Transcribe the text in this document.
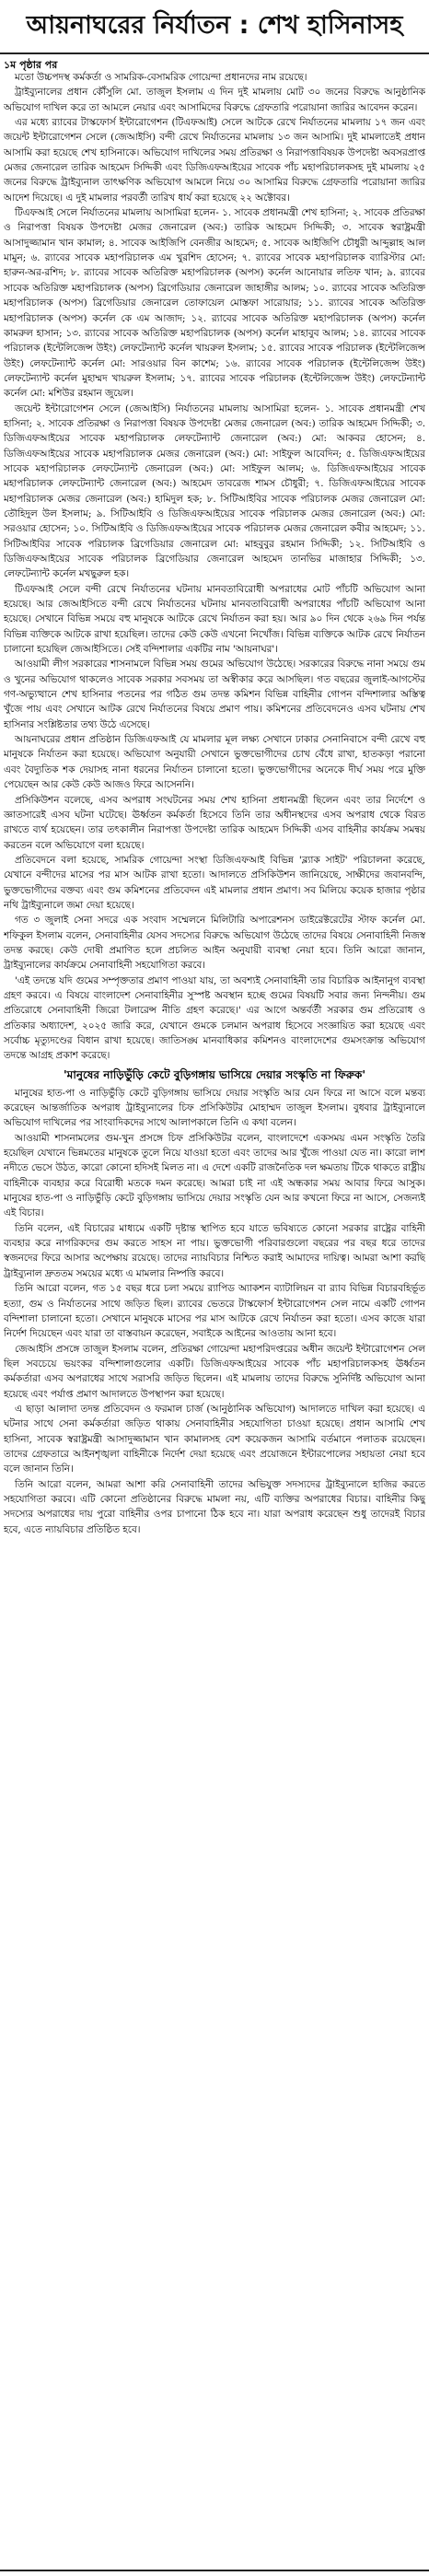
আয়নাঘরের নির্যাতন : শেখ হাসিনাসহ
১ম পৃষ্ঠার পর

মতো উচ্চপদস্থ কর্মকর্তা ও সামরিক-বেসামরিক গোয়েন্দা প্রধানদের নাম রয়েছে।

ট্রাইব্যুনালের প্রধান কৌঁসুলি মো. তাজুল ইসলাম এ দিন দুই মামলায় মোট ৩০ জনের বিরুদ্ধে আনুষ্ঠানিক অভিযোগ দাখিল করে তা আমলে নেয়ার এবং আসামিদের বিরুদ্ধে গ্রেফতারি পরোয়ানা জারির আবেদন করেন।

এর মধ্যে র‍্যাবের টাস্কফোর্স ইন্টারোগেশন (টিএফআই) সেলে আটকে রেখে নির্যাতনের মামলায় ১৭ জন এবং জয়েন্ট ইন্টারোগেশন সেলে (জেআইসি) বন্দী রেখে নির্যাতনের মামলায় ১৩ জন আসামি। দুই মামলাতেই প্রধান আসামি করা হয়েছে শেখ হাসিনাকে। অভিযোগ দাখিলের সময় প্রতিরক্ষা ও নিরাপত্তাবিষয়ক উপদেষ্টা অবসরপ্রাপ্ত মেজর জেনারেল তারিক আহমেদ সিদ্দিকী এবং ডিজিএফআইয়ের সাবেক পাঁচ মহাপরিচালকসহ দুই মামলায় ২৫ জনের বিরুদ্ধে ট্রাইব্যুনাল তাৎক্ষণিক অভিযোগ আমলে নিয়ে ৩০ আসামির বিরুদ্ধে গ্রেফতারি পরোয়ানা জারির আদেশ দিয়েছে। এ দুই মামলার পরবর্তী তারিখ ধার্য করা হয়েছে ২২ অক্টোবর।

টিএফআই সেলে নির্যাতনের মামলায় আসামিরা হলেন- ১. সাবেক প্রধানমন্ত্রী শেখ হাসিনা; ২. সাবেক প্রতিরক্ষা ও নিরাপত্তা বিষয়ক উপদেষ্টা মেজর জেনারেল (অব:) তারিক আহমেদ সিদ্দিকী; ৩. সাবেক স্বরাষ্ট্রমন্ত্রী আসাদুজ্জামান খান কামাল; ৪. সাবেক আইজিপি বেনজীর আহমেদ; ৫. সাবেক আইজিপি চৌধুরী আব্দুল্লাহ আল মামুন; ৬. র‍্যাবের সাবেক মহাপরিচালক এম খুরশিদ হোসেন; ৭. র‍্যাবের সাবেক মহাপরিচালক ব্যারিস্টার মো: হারুন-অর-রশিদ; ৮. র‍্যাবের সাবেক অতিরিক্ত মহাপরিচালক (অপস) কর্নেল আনোয়ার লতিফ খান; ৯. র‍্যাবের সাবেক অতিরিক্ত মহাপরিচালক (অপস) ব্রিগেডিয়ার জেনারেল জাহাঙ্গীর আলম; ১০. র‍্যাবের সাবেক অতিরিক্ত মহাপরিচালক (অপস) ব্রিগেডিয়ার জেনারেল তোফায়েল মোস্তফা সারোয়ার; ১১. র‍্যাবের সাবেক অতিরিক্ত মহাপরিচালক (অপস) কর্নেল কে এম আজাদ; ১২. র‍্যাবের সাবেক অতিরিক্ত মহাপরিচালক (অপস) কর্নেল কামরুল হাসান; ১৩. র‍্যাবের সাবেক অতিরিক্ত মহাপরিচালক (অপস) কর্নেল মাহাবুব আলম; ১৪. র‍্যাবের সাবেক পরিচালক (ইন্টেলিজেন্স উইং) লেফটেন্যান্ট কর্নেল খায়রুল ইসলাম; ১৫. র‍্যাবের সাবেক পরিচালক (ইন্টেলিজেন্স উইং) লেফটেন্যান্ট কর্নেল মো: সারওয়ার বিন কাশেম; ১৬. র‍্যাবের সাবেক পরিচালক (ইন্টেলিজেন্স উইং) লেফটেন্যান্ট কর্নেল মুহাম্মদ খায়রুল ইসলাম; ১৭. র‍্যাবের সাবেক পরিচালক (ইন্টেলিজেন্স উইং) লেফটেন্যান্ট কর্নেল মো: মশিউর রহমান জুয়েল।

জয়েন্ট ইন্টারোগেশন সেলে (জেআইসি) নির্যাতনের মামলায় আসামিরা হলেন- ১. সাবেক প্রধানমন্ত্রী শেখ হাসিনা; ২. সাবেক প্রতিরক্ষা ও নিরাপত্তা বিষয়ক উপদেষ্টা মেজর জেনারেল (অব:) তারিক আহমেদ সিদ্দিকী; ৩. ডিজিএফআইয়ের সাবেক মহাপরিচালক লেফটেন্যান্ট জেনারেল (অব:) মো: আকবর হোসেন; ৪. ডিজিএফআইয়ের সাবেক মহাপরিচালক মেজর জেনারেল (অব:) মো: সাইফুল আবেদিন; ৫. ডিজিএফআইয়ের সাবেক মহাপরিচালক লেফটেন্যান্ট জেনারেল (অব:) মো: সাইফুল আলম; ৬. ডিজিএফআইয়ের সাবেক মহাপরিচালক লেফটেন্যান্ট জেনারেল (অব:) আহমেদ তাবরেজ শামস চৌধুরী; ৭. ডিজিএফআইয়ের সাবেক মহাপরিচালক মেজর জেনারেল (অব:) হামিদুল হক; ৮. সিটিআইবির সাবেক পরিচালক মেজর জেনারেল মো: তৌহিদুল উল ইসলাম; ৯. সিটিআইবি ও ডিজিএফআইয়ের সাবেক পরিচালক মেজর জেনারেল (অব:) মো: সরওয়ার হোসেন; ১০. সিটিআইবি ও ডিজিএফআইয়ের সাবেক পরিচালক মেজর জেনারেল কবীর আহমেদ; ১১. সিটিআইবির সাবেক পরিচালক ব্রিগেডিয়ার জেনারেল মো: মাহবুবুর রহমান সিদ্দিকী; ১২. সিটিআইবি ও ডিজিএফআইয়ের সাবেক পরিচালক ব্রিগেডিয়ার জেনারেল আহমেদ তানভির মাজাহার সিদ্দিকী; ১৩. লেফটেন্যান্ট কর্নেল মখছুরুল হক।

টিএফআই সেলে বন্দী রেখে নির্যাতনের ঘটনায় মানবতাবিরোধী অপরাধের মোট পাঁচটি অভিযোগ আনা হয়েছে। আর জেআইসিতে বন্দী রেখে নির্যাতনের ঘটনায় মানবতাবিরোধী অপরাধের পাঁচটি অভিযোগ আনা হয়েছে। সেখানে বিভিন্ন সময়ে বহু মানুষকে আটকে রেখে নির্যাতন করা হয়। আর ৯০ দিন থেকে ২৬৯ দিন পর্যন্ত বিভিন্ন ব্যক্তিকে আটকে রাখা হয়েছিল। তাদের কেউ কেউ এখনো নিখোঁজ। বিভিন্ন ব্যক্তিকে আটক রেখে নির্যাতন চালানো হয়েছিল জেআইসিতে। সেই বন্দিশালার একটির নাম 'আয়নাঘর'।

আওয়ামী লীগ সরকারের শাসনামলে বিভিন্ন সময় গুমের অভিযোগ উঠেছে। সরকারের বিরুদ্ধে নানা সময়ে গুম ও খুনের অভিযোগ থাকলেও সাবেক সরকার সবসময় তা অস্বীকার করে আসছিল। গত বছরের জুলাই-আগস্টের গণ-অভ্যুত্থানে শেখ হাসিনার পতনের পর গঠিত গুম তদন্ত কমিশন বিভিন্ন বাহিনীর গোপন বন্দিশালার অস্তিত্ব খুঁজে পায় এবং সেখানে আটক রেখে নির্যাতনের বিষয়ে প্রমাণ পায়। কমিশনের প্রতিবেদনেও এসব ঘটনায় শেখ হাসিনার সংশ্লিষ্টতার তথ্য উঠে এসেছে।

আয়নাঘরের প্রধান প্রতিষ্ঠান ডিজিএফআই যে মামলার মূল লক্ষ্য সেখানে ঢাকার সেনানিবাসে বন্দী রেখে বহু মানুষকে নির্যাতন করা হয়েছে। অভিযোগ অনুযায়ী সেখানে ভুক্তভোগীদের চোখ বেঁধে রাখা, হাতকড়া পরানো এবং বৈদ্যুতিক শক দেয়াসহ নানা ধরনের নির্যাতন চালানো হতো। ভুক্তভোগীদের অনেকে দীর্ঘ সময় পরে মুক্তি পেয়েছেন আর কেউ কেউ আজও ফিরে আসেননি।

প্রসিকিউশন বলেছে, এসব অপরাধ সংঘটনের সময় শেখ হাসিনা প্রধানমন্ত্রী ছিলেন এবং তার নির্দেশে ও জ্ঞাতসারেই এসব ঘটনা ঘটেছে। ঊর্ধ্বতন কর্মকর্তা হিসেবে তিনি তার অধীনস্থদের এসব অপরাধ থেকে বিরত রাখতে ব্যর্থ হয়েছেন। তার তৎকালীন নিরাপত্তা উপদেষ্টা তারিক আহমেদ সিদ্দিকী এসব বাহিনীর কার্যক্রম সমন্বয় করতেন বলে অভিযোগে বলা হয়েছে।

প্রতিবেদনে বলা হয়েছে, সামরিক গোয়েন্দা সংস্থা ডিজিএফআই বিভিন্ন 'ব্ল্যাক সাইট' পরিচালনা করেছে, যেখানে বন্দীদের মাসের পর মাস আটক রাখা হতো। আদালতে প্রসিকিউশন জানিয়েছে, সাক্ষীদের জবানবন্দি, ভুক্তভোগীদের বক্তব্য এবং গুম কমিশনের প্রতিবেদন এই মামলার প্রধান প্রমাণ। সব মিলিয়ে কয়েক হাজার পৃষ্ঠার নথি ট্রাইব্যুনালে জমা দেয়া হয়েছে।

গত ৩ জুলাই সেনা সদরে এক সংবাদ সম্মেলনে মিলিটারি অপারেশনস ডাইরেক্টরেটের স্টাফ কর্নেল মো. শফিকুল ইসলাম বলেন, সেনাবাহিনীর যেসব সদস্যের বিরুদ্ধে অভিযোগ উঠেছে তাদের বিষয়ে সেনাবাহিনী নিজস্ব তদন্ত করছে। কেউ দোষী প্রমাণিত হলে প্রচলিত আইন অনুযায়ী ব্যবস্থা নেয়া হবে। তিনি আরো জানান, ট্রাইব্যুনালের কার্যক্রমে সেনাবাহিনী সহযোগিতা করবে।

'এই তদন্তে যদি গুমের সম্পৃক্ততার প্রমাণ পাওয়া যায়, তা অবশ্যই সেনাবাহিনী তার বিচারিক আইনানুগ ব্যবস্থা গ্রহণ করবে। এ বিষয়ে বাংলাদেশ সেনাবাহিনীর সুস্পষ্ট অবস্থান হচ্ছে গুমের বিষয়টি সবার জন্য নিন্দনীয়। গুম প্রতিরোধে সেনাবাহিনী জিরো টলারেন্স নীতি গ্রহণ করেছে।' এর আগে অন্তর্বর্তী সরকার গুম প্রতিরোধ ও প্রতিকার অধ্যাদেশ, ২০২৫ জারি করে, যেখানে গুমকে চলমান অপরাধ হিসেবে সংজ্ঞায়িত করা হয়েছে এবং সর্বোচ্চ মৃত্যুদণ্ডের বিধান রাখা হয়েছে। জাতিসঙ্ঘ মানবাধিকার কমিশনও বাংলাদেশের গুমসংক্রান্ত অভিযোগ তদন্তে আগ্রহ প্রকাশ করেছে।

'মানুষের নাড়িভুঁড়ি কেটে বুড়িগঙ্গায় ভাসিয়ে দেয়ার সংস্কৃতি না ফিরুক'

মানুষের হাত-পা ও নাড়িভুঁড়ি কেটে বুড়িগঙ্গায় ভাসিয়ে দেয়ার সংস্কৃতি আর যেন ফিরে না আসে বলে মন্তব্য করেছেন আন্তর্জাতিক অপরাধ ট্রাইব্যুনালের চিফ প্রসিকিউটর মোহাম্মদ তাজুল ইসলাম। বুধবার ট্রাইব্যুনালে অভিযোগ দাখিলের পর সাংবাদিকদের সাথে আলাপকালে তিনি এ কথা বলেন।

আওয়ামী শাসনামলের গুম-খুন প্রসঙ্গে চিফ প্রসিকিউটর বলেন, বাংলাদেশে একসময় এমন সংস্কৃতি তৈরি হয়েছিল যেখানে ভিন্নমতের মানুষকে তুলে নিয়ে যাওয়া হতো এবং তাদের আর খুঁজে পাওয়া যেত না। কারো লাশ নদীতে ভেসে উঠত, কারো কোনো হদিসই মিলত না। এ দেশে একটি রাজনৈতিক দল ক্ষমতায় টিকে থাকতে রাষ্ট্রীয় বাহিনীকে ব্যবহার করে বিরোধী মতকে দমন করেছে। আমরা চাই না এই অন্ধকার সময় আবার ফিরে আসুক। মানুষের হাত-পা ও নাড়িভুঁড়ি কেটে বুড়িগঙ্গায় ভাসিয়ে দেয়ার সংস্কৃতি যেন আর কখনো ফিরে না আসে, সেজন্যই এই বিচার।

তিনি বলেন, এই বিচারের মাধ্যমে একটি দৃষ্টান্ত স্থাপিত হবে যাতে ভবিষ্যতে কোনো সরকার রাষ্ট্রের বাহিনী ব্যবহার করে নাগরিকদের গুম করতে সাহস না পায়। ভুক্তভোগী পরিবারগুলো বছরের পর বছর ধরে তাদের স্বজনদের ফিরে আসার অপেক্ষায় রয়েছে। তাদের ন্যায়বিচার নিশ্চিত করাই আমাদের দায়িত্ব। আমরা আশা করছি ট্রাইব্যুনাল দ্রুততম সময়ের মধ্যে এ মামলার নিষ্পত্তি করবে।

তিনি আরো বলেন, গত ১৫ বছর ধরে চলা সময়ে র‍্যাপিড অ্যাকশন ব্যাটালিয়ন বা র‍্যাব বিভিন্ন বিচারবহির্ভূত হত্যা, গুম ও নির্যাতনের সাথে জড়িত ছিল। র‍্যাবের ভেতরে টাস্কফোর্স ইন্টারোগেশন সেল নামে একটি গোপন বন্দিশালা চালানো হতো। সেখানে মানুষকে মাসের পর মাস আটকে রেখে নির্যাতন করা হতো। এসব কাজে যারা নির্দেশ দিয়েছেন এবং যারা তা বাস্তবায়ন করেছেন, সবাইকে আইনের আওতায় আনা হবে।

জেআইসি প্রসঙ্গে তাজুল ইসলাম বলেন, প্রতিরক্ষা গোয়েন্দা মহাপরিদপ্তরের অধীন জয়েন্ট ইন্টারোগেশন সেল ছিল সবচেয়ে ভয়ংকর বন্দিশালাগুলোর একটি। ডিজিএফআইয়ের সাবেক পাঁচ মহাপরিচালকসহ ঊর্ধ্বতন কর্মকর্তারা এসব অপরাধের সাথে সরাসরি জড়িত ছিলেন। এই মামলায় তাদের বিরুদ্ধে সুনির্দিষ্ট অভিযোগ আনা হয়েছে এবং পর্যাপ্ত প্রমাণ আদালতে উপস্থাপন করা হয়েছে।

এ ছাড়া আলাদা তদন্ত প্রতিবেদন ও ফরমাল চার্জ (আনুষ্ঠানিক অভিযোগ) আদালতে দাখিল করা হয়েছে। এ ঘটনার সাথে সেনা কর্মকর্তারা জড়িত থাকায় সেনাবাহিনীর সহযোগিতা চাওয়া হয়েছে। প্রধান আসামি শেখ হাসিনা, সাবেক স্বরাষ্ট্রমন্ত্রী আসাদুজ্জামান খান কামালসহ বেশ কয়েকজন আসামি বর্তমানে পলাতক রয়েছেন। তাদের গ্রেফতারে আইনশৃঙ্খলা বাহিনীকে নির্দেশ দেয়া হয়েছে এবং প্রয়োজনে ইন্টারপোলের সহায়তা নেয়া হবে বলে জানান তিনি।

তিনি আরো বলেন, আমরা আশা করি সেনাবাহিনী তাদের অভিযুক্ত সদস্যদের ট্রাইব্যুনালে হাজির করতে সহযোগিতা করবে। এটি কোনো প্রতিষ্ঠানের বিরুদ্ধে মামলা নয়, এটি ব্যক্তির অপরাধের বিচার। বাহিনীর কিছু সদস্যের অপরাধের দায় পুরো বাহিনীর ওপর চাপানো ঠিক হবে না। যারা অপরাধ করেছেন শুধু তাদেরই বিচার হবে, এতে ন্যায়বিচার প্রতিষ্ঠিত হবে।
